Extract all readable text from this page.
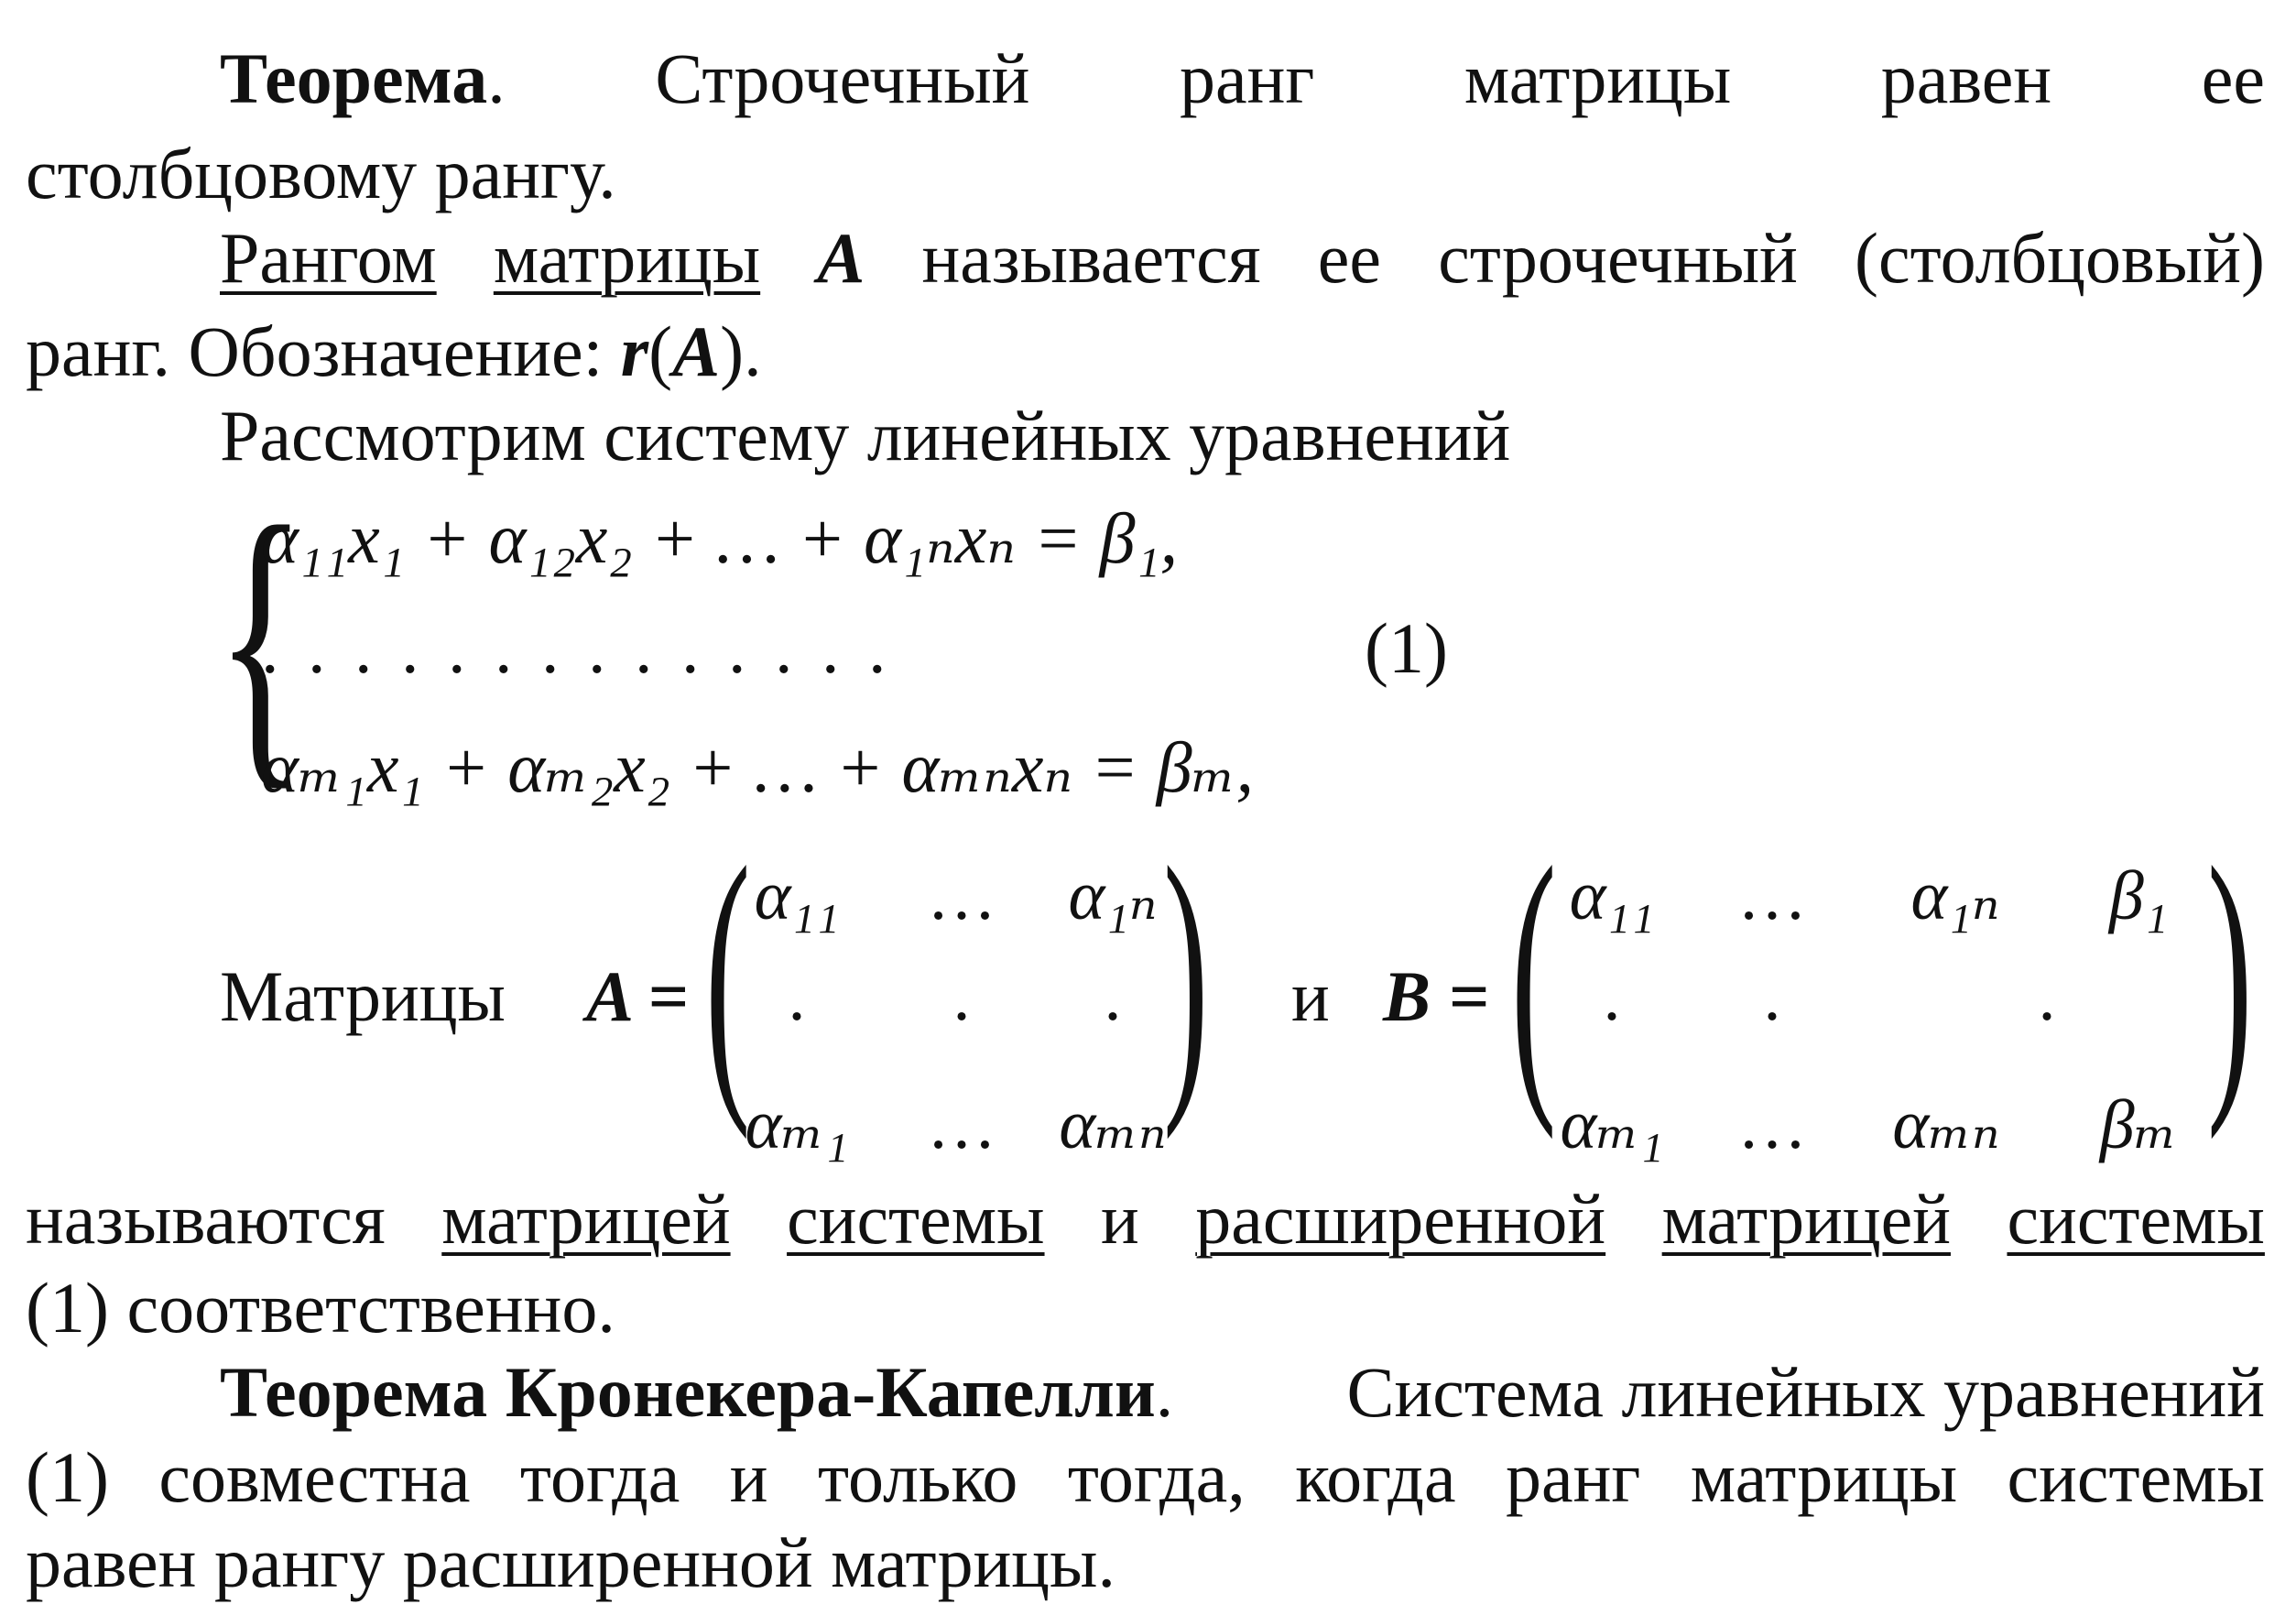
Теорема. Строчечный ранг матрицы равен ее
столбцовому рангу.
Рангом матрицы A называется ее строчечный (столбцовый)
ранг. Обозначение: r(A).
Рассмотрим систему линейных уравнений
{
α₁₁x₁ + α₁₂x₂ + … + α₁ₙxₙ = β₁,
. . . . . . . . . . . . . .
αₘ₁x₁ + αₘ₂x₂ + … + αₘₙxₙ = βₘ,
(1)
Матрицы A = ( )
α₁₁	… α₁ₙ
.	.	.
αₘ₁ … αₘₙ
и B = ( )
α₁₁	…	α₁ₙ	β₁
.	.	.
αₘ₁ …	αₘₙ	βₘ
называются матрицей системы и расширенной матрицей системы
(1) соответственно.
Теорема Кронекера-Капелли. Система линейных уравнений
(1) совместна тогда и только тогда, когда ранг матрицы системы
равен рангу расширенной матрицы.
